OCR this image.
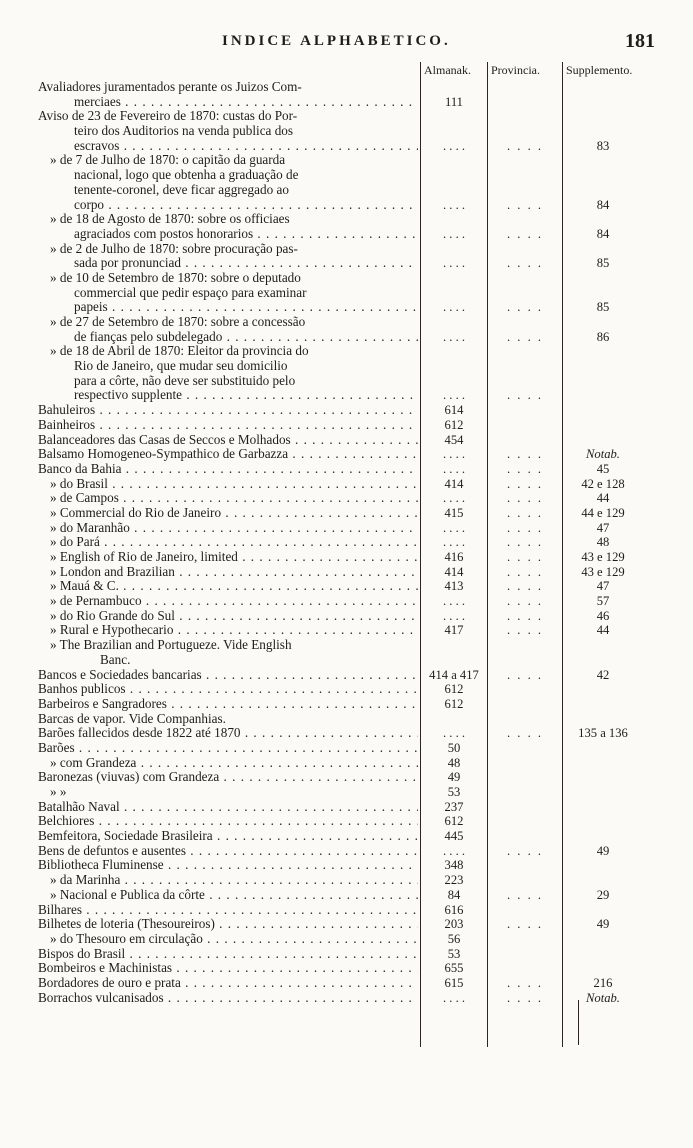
INDICE ALPHABETICO.	181
Almanak. Provincia. Supplemento.
Avaliadores juramentados perante os Juizos Com-
merciaes . . .	111
Aviso de 23 de Fevereiro de 1870: custas do Por-
teiro dos Auditorios na venda publica dos
escravos . . .	. . . .	. . . .	83
» de 7 de Julho de 1870: o capitão da guarda
nacional, logo que obtenha a graduação de
tenente-coronel, deve ficar aggregado ao
corpo . . .	. . . .	. . . .	84
» de 18 de Agosto de 1870: sobre os officiaes
agraciados com postos honorarios . . .	. . . .	. . . .	84
» de 2 de Julho de 1870: sobre procuração pas-
sada por pronunciad . . .	. . . .	. . . .	85
» de 10 de Setembro de 1870: sobre o deputado
commercial que pedir espaço para examinar
papeis . . .	. . . .	. . . .	85
» de 27 de Setembro de 1870: sobre a concessão
de fianças pelo subdelegado . . .	. . . .	. . . .	86
» de 18 de Abril de 1870: Eleitor da provincia do
Rio de Janeiro, que mudar seu domicilio
para a côrte, não deve ser substituido pelo
respectivo supplente . . .	. . . .	. . . .
Bahuleiros . . .	614
Bainheiros . . .	612
Balanceadores das Casas de Seccos e Molhados . . .	454
Balsamo Homogeneo-Sympathico de Garbazza . . .	. . . .	. . . .	Notab.
Banco da Bahia . . .	. . . .	. . . .	45
» do Brasil . . .	414	. . . .	42 e 128
» de Campos . . .	. . . .	. . . .	44
» Commercial do Rio de Janeiro . . .	415	. . . .	44 e 129
» do Maranhão . . .	. . . .	. . . .	47
» do Pará . . .	. . . .	. . . .	48
» English of Rio de Janeiro, limited . . .	416	. . . .	43 e 129
» London and Brazilian . . .	414	. . . .	43 e 129
» Mauá & C. . . .	413	. . . .	47
» de Pernambuco . . .	. . . .	. . . .	57
» do Rio Grande do Sul . . .	. . . .	. . . .	46
» Rural e Hypothecario . . .	417	. . . .	44
» The Brazilian and Portugueze. Vide English
Banc.
Bancos e Sociedades bancarias . . .	414 a 417	. . . .	42
Banhos publicos . . .	612
Barbeiros e Sangradores . . .	612
Barcas de vapor. Vide Companhias.
Barões fallecidos desde 1822 até 1870 . . .	. . . .	. . . .	135 a 136
Barões . . .	50
» com Grandeza . . .	48
Baronezas (viuvas) com Grandeza . . .	49
» »	53
Batalhão Naval . . .	237
Belchiores . . .	612
Bemfeitora, Sociedade Brasileira . . .	445
Bens de defuntos e ausentes . . .	. . . .	. . . .	49
Bibliotheca Fluminense . . .	348
» da Marinha . . .	223
» Nacional e Publica da côrte . . .	84	. . . .	29
Bilhares . . .	616
Bilhetes de loteria (Thesoureiros) . . .	203	. . . .	49
» do Thesouro em circulação . . .	56
Bispos do Brasil . . .	53
Bombeiros e Machinistas . . .	655
Bordadores de ouro e prata . . .	615	. . . .	216
Borrachos vulcanisados . . .	. . . .	. . . .	Notab.
